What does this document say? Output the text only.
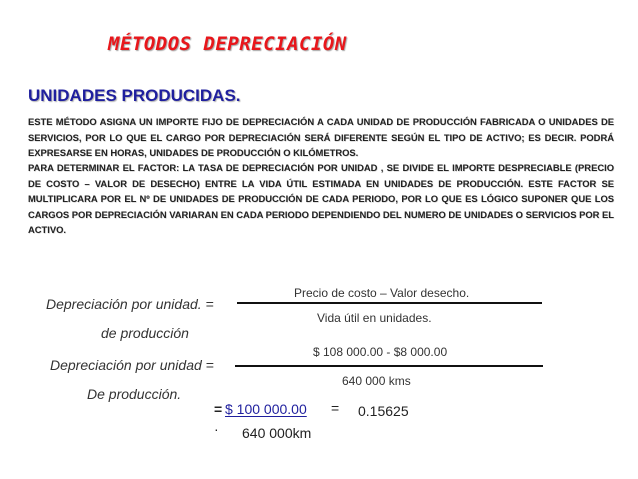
MÉTODOS DEPRECIACIÓN
UNIDADES PRODUCIDAS.
ESTE MÉTODO ASIGNA UN IMPORTE FIJO DE DEPRECIACIÓN A CADA UNIDAD DE PRODUCCIÓN FABRICADA O UNIDADES DE SERVICIOS, POR LO QUE EL CARGO POR DEPRECIACIÓN SERÁ DIFERENTE SEGÚN EL TIPO DE ACTIVO; ES DECIR. PODRÁ EXPRESARSE EN HORAS, UNIDADES DE PRODUCCIÓN O KILÓMETROS.
PARA DETERMINAR EL FACTOR: LA TASA DE DEPRECIACIÓN POR UNIDAD , SE DIVIDE EL IMPORTE DESPRECIABLE (PRECIO DE COSTO – VALOR DE DESECHO) ENTRE LA VIDA ÚTIL ESTIMADA EN UNIDADES DE PRODUCCIÓN. ESTE FACTOR SE MULTIPLICARA POR EL Nº DE UNIDADES DE PRODUCCIÓN DE CADA PERIODO, POR LO QUE ES LÓGICO SUPONER QUE LOS CARGOS POR DEPRECIACIÓN VARIARAN EN CADA PERIODO DEPENDIENDO DEL NUMERO DE UNIDADES O SERVICIOS POR EL ACTIVO.
Precio de costo – Valor desecho.
Depreciación por unidad. =
Vida útil en unidades.
de producción
$ 108 000.00 - $8 000.00
Depreciación por unidad =
640 000 kms
De producción.
= $ 100 000.00	= 0.15625
· 640 000km
